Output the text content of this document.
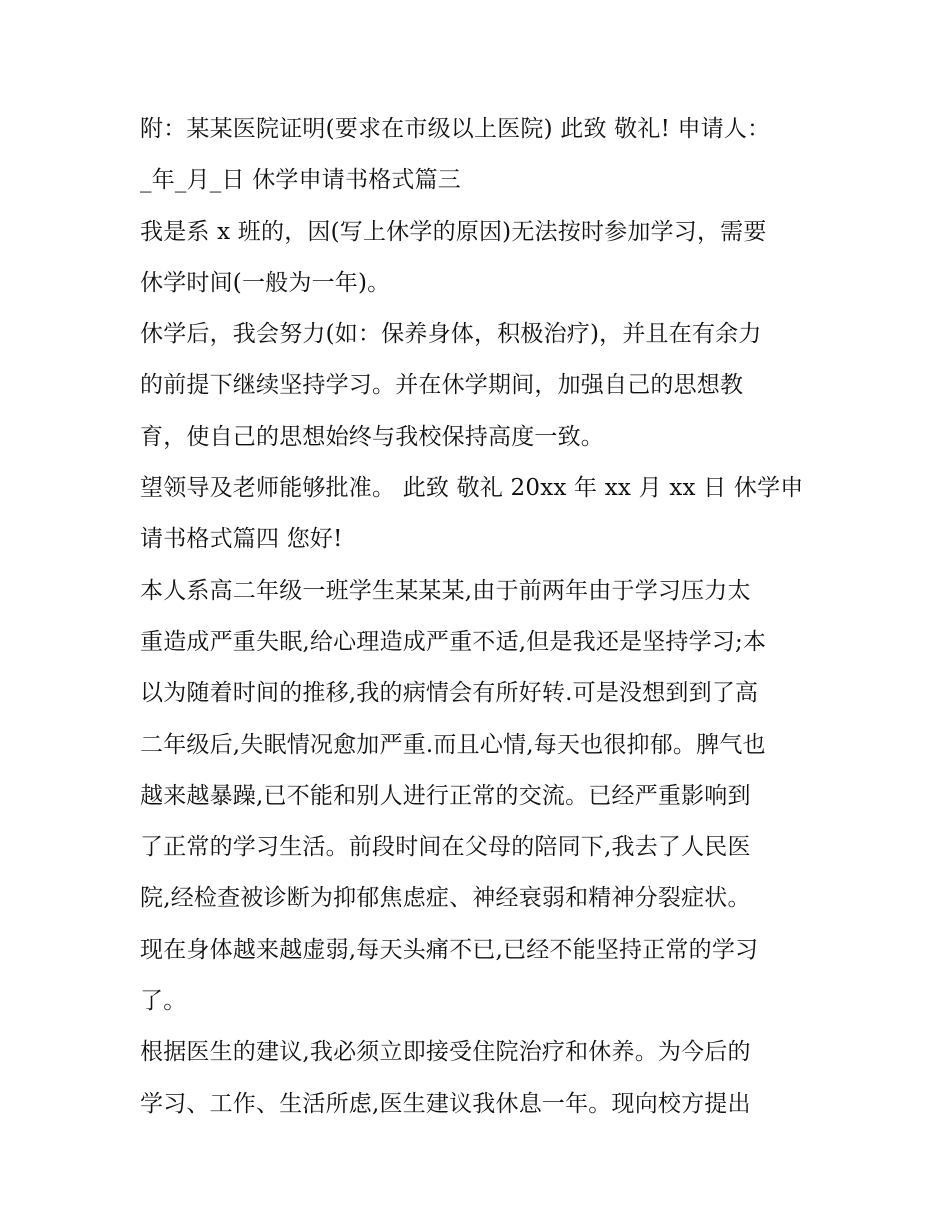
附：某某医院证明(要求在市级以上医院) 此致 敬礼! 申请人：
_年_月_日 休学申请书格式篇三
我是系 x 班的，因(写上休学的原因)无法按时参加学习，需要
休学时间(一般为一年)。
休学后，我会努力(如：保养身体，积极治疗)，并且在有余力
的前提下继续坚持学习。并在休学期间，加强自己的思想教
育，使自己的思想始终与我校保持高度一致。
望领导及老师能够批准。 此致 敬礼 20xx 年 xx 月 xx 日 休学申
请书格式篇四 您好!
本人系高二年级一班学生某某某,由于前两年由于学习压力太
重造成严重失眠,给心理造成严重不适,但是我还是坚持学习;本
以为随着时间的推移,我的病情会有所好转.可是没想到到了高
二年级后,失眠情况愈加严重.而且心情,每天也很抑郁。脾气也
越来越暴躁,已不能和别人进行正常的交流。已经严重影响到
了正常的学习生活。前段时间在父母的陪同下,我去了人民医
院,经检查被诊断为抑郁焦虑症、神经衰弱和精神分裂症状。
现在身体越来越虚弱,每天头痛不已,已经不能坚持正常的学习
了。
根据医生的建议,我必须立即接受住院治疗和休养。为今后的
学习、工作、生活所虑,医生建议我休息一年。现向校方提出
